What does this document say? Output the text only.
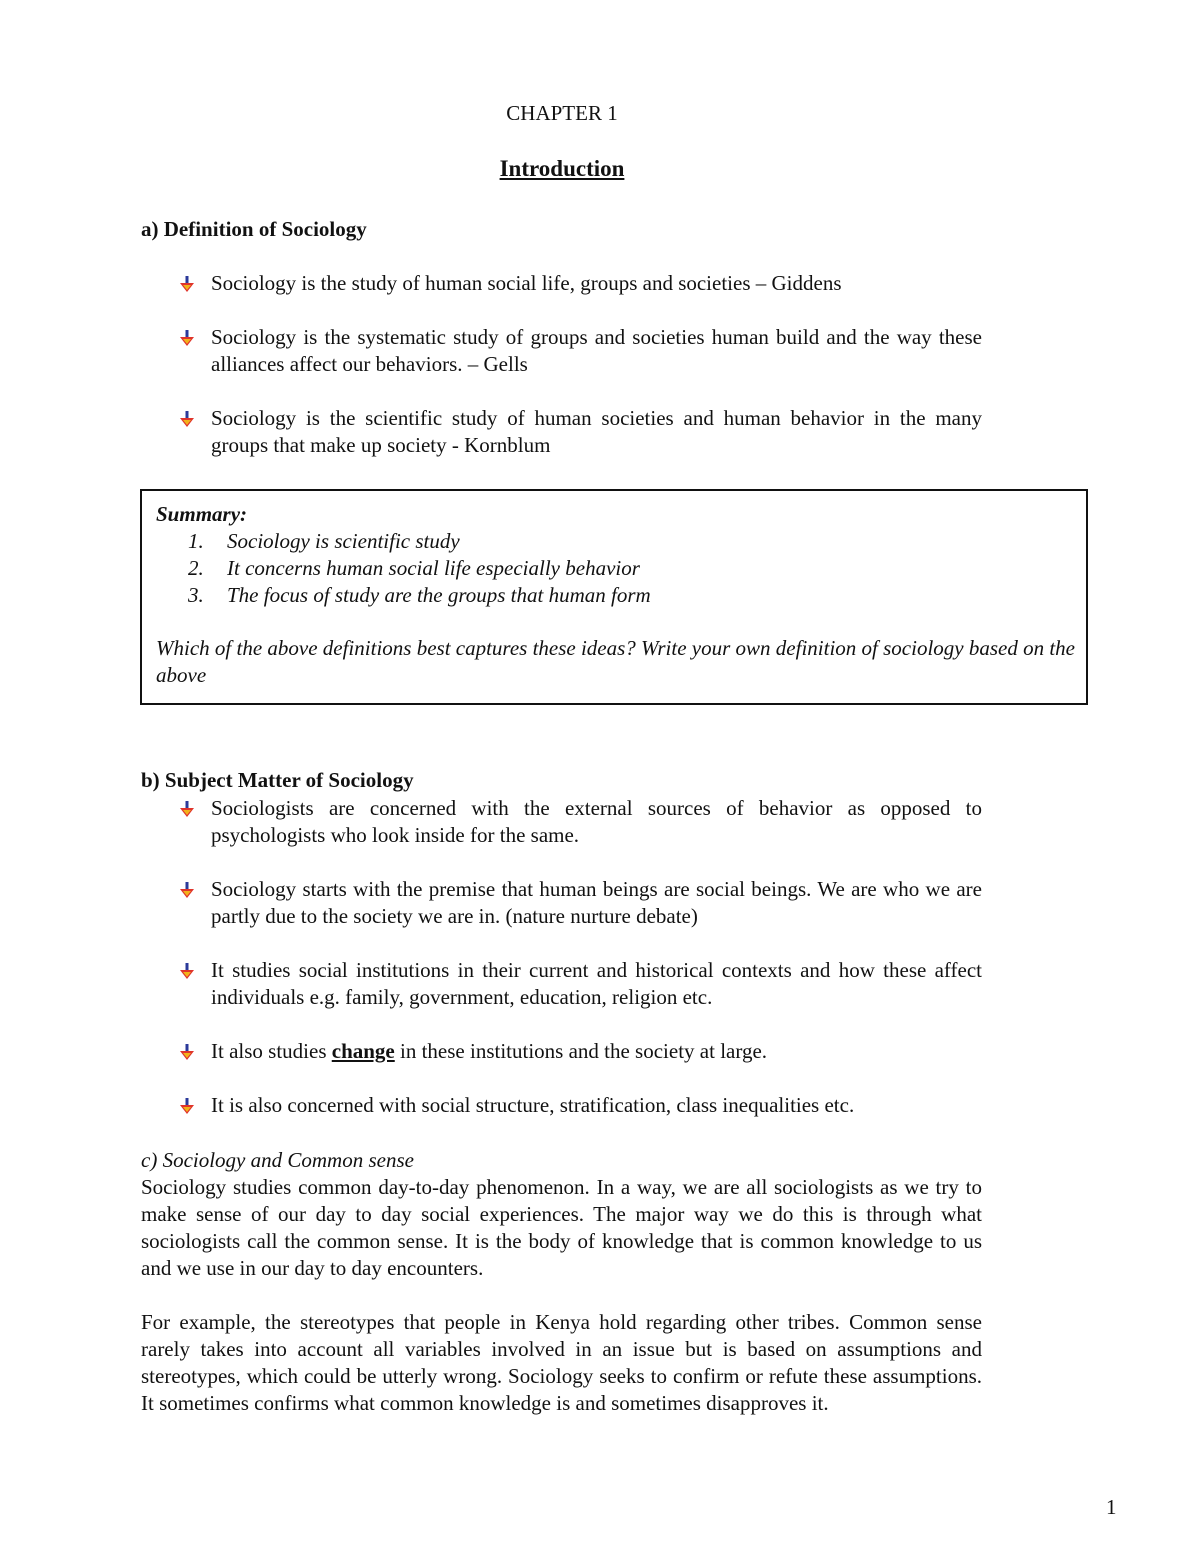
CHAPTER 1
Introduction
a) Definition of Sociology
Sociology is the study of human social life, groups and societies – Giddens
Sociology is the systematic study of groups and societies human build and the way these alliances affect our behaviors. – Gells
Sociology is the scientific study of human societies and human behavior in the many groups that make up society - Kornblum
Summary:
1. Sociology is scientific study
2. It concerns human social life especially behavior
3. The focus of study are the groups that human form
Which of the above definitions best captures these ideas? Write your own definition of sociology based on the above
b) Subject Matter of Sociology
Sociologists are concerned with the external sources of behavior as opposed to psychologists who look inside for the same.
Sociology starts with the premise that human beings are social beings. We are who we are partly due to the society we are in. (nature nurture debate)
It studies social institutions in their current and historical contexts and how these affect individuals e.g. family, government, education, religion etc.
It also studies change in these institutions and the society at large.
It is also concerned with social structure, stratification, class inequalities etc.
c) Sociology and Common sense
Sociology studies common day-to-day phenomenon. In a way, we are all sociologists as we try to make sense of our day to day social experiences. The major way we do this is through what sociologists call the common sense. It is the body of knowledge that is common knowledge to us and we use in our day to day encounters.
For example, the stereotypes that people in Kenya hold regarding other tribes. Common sense rarely takes into account all variables involved in an issue but is based on assumptions and stereotypes, which could be utterly wrong. Sociology seeks to confirm or refute these assumptions. It sometimes confirms what common knowledge is and sometimes disapproves it.
1
